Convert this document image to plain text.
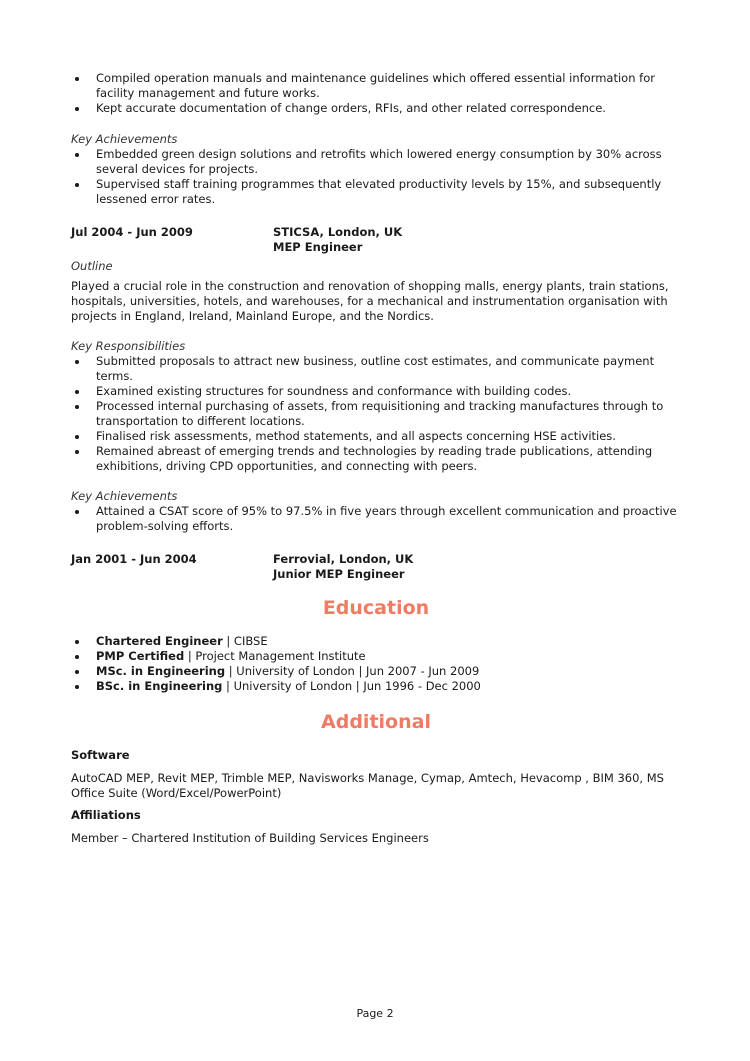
Compiled operation manuals and maintenance guidelines which offered essential information for facility management and future works.
Kept accurate documentation of change orders, RFIs, and other related correspondence.
Key Achievements
Embedded green design solutions and retrofits which lowered energy consumption by 30% across several devices for projects.
Supervised staff training programmes that elevated productivity levels by 15%, and subsequently lessened error rates.
Jul 2004 - Jun 2009	STICSA, London, UK
MEP Engineer
Outline

Played a crucial role in the construction and renovation of shopping malls, energy plants, train stations, hospitals, universities, hotels, and warehouses, for a mechanical and instrumentation organisation with projects in England, Ireland, Mainland Europe, and the Nordics.

Key Responsibilities
Submitted proposals to attract new business, outline cost estimates, and communicate payment terms.
Examined existing structures for soundness and conformance with building codes.
Processed internal purchasing of assets, from requisitioning and tracking manufactures through to transportation to different locations.
Finalised risk assessments, method statements, and all aspects concerning HSE activities.
Remained abreast of emerging trends and technologies by reading trade publications, attending exhibitions, driving CPD opportunities, and connecting with peers.
Key Achievements
Attained a CSAT score of 95% to 97.5% in five years through excellent communication and proactive problem-solving efforts.
Jan 2001 - Jun 2004	Ferrovial, London, UK
Junior MEP Engineer
Education
Chartered Engineer | CIBSE
PMP Certified | Project Management Institute
MSc. in Engineering | University of London | Jun 2007 - Jun 2009
BSc. in Engineering | University of London | Jun 1996 - Dec 2000
Additional
Software

AutoCAD MEP, Revit MEP, Trimble MEP, Navisworks Manage, Cymap, Amtech, Hevacomp , BIM 360, MS Office Suite (Word/Excel/PowerPoint)

Affiliations

Member – Chartered Institution of Building Services Engineers

Page 2
